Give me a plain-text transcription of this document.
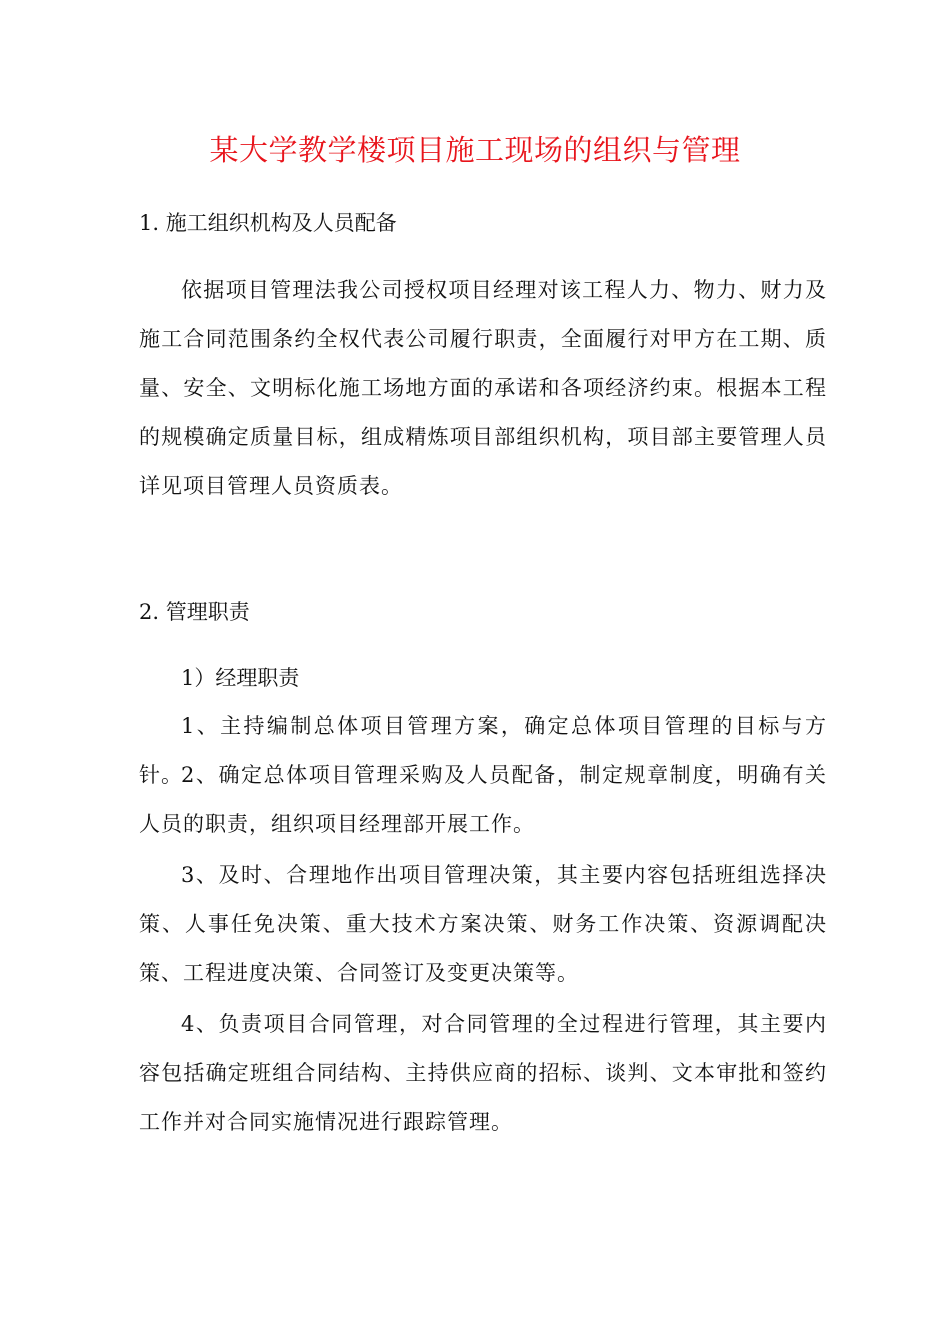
某大学教学楼项目施工现场的组织与管理
1. 施工组织机构及人员配备

依据项目管理法我公司授权项目经理对该工程人力、物力、财力及施工合同范围条约全权代表公司履行职责，全面履行对甲方在工期、质量、安全、文明标化施工场地方面的承诺和各项经济约束。根据本工程的规模确定质量目标，组成精炼项目部组织机构，项目部主要管理人员详见项目管理人员资质表。

2. 管理职责

1）经理职责

1、主持编制总体项目管理方案，确定总体项目管理的目标与方针。

2、确定总体项目管理采购及人员配备，制定规章制度，明确有关人员的职责，组织项目经理部开展工作。

3、及时、合理地作出项目管理决策，其主要内容包括班组选择决策、人事任免决策、重大技术方案决策、财务工作决策、资源调配决策、工程进度决策、合同签订及变更决策等。

4、负责项目合同管理，对合同管理的全过程进行管理，其主要内容包括确定班组合同结构、主持供应商的招标、谈判、文本审批和签约工作并对合同实施情况进行跟踪管理。
